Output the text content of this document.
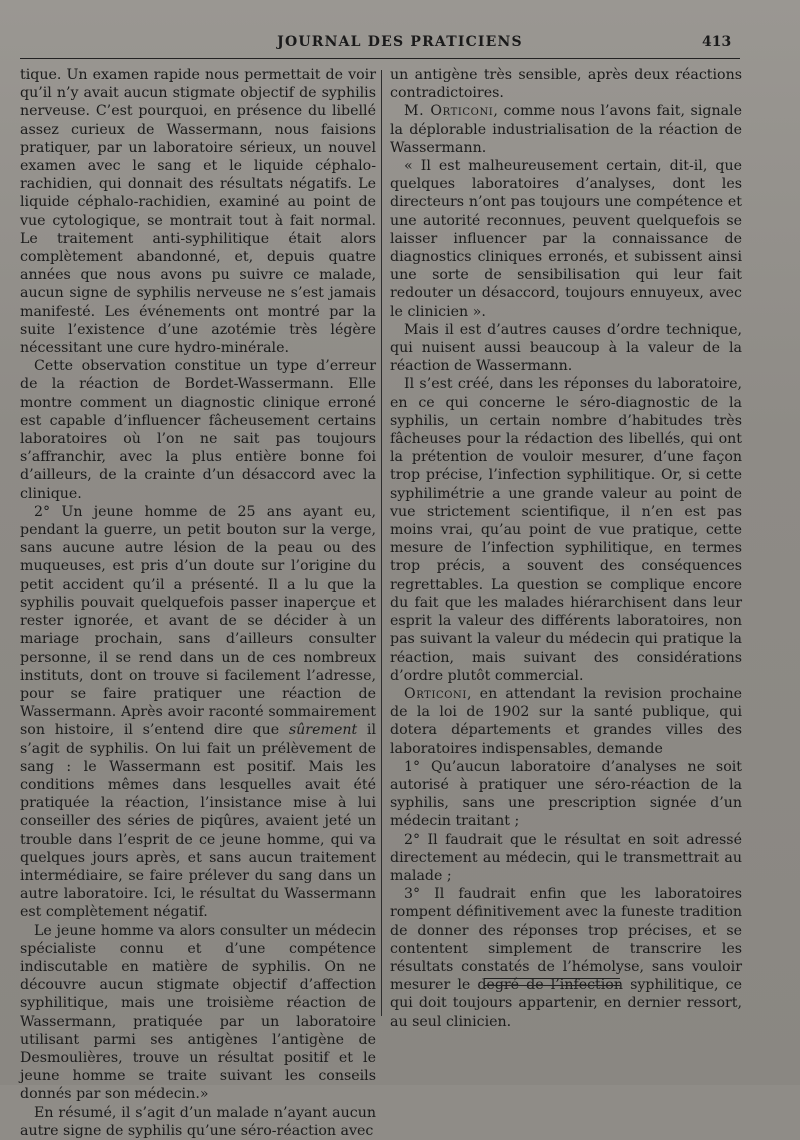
JOURNAL DES PRATICIENS	413

tique. Un examen rapide nous permettait de voir qu’il n’y avait aucun stigmate objectif de syphilis nerveuse. C’est pourquoi, en présence du libellé assez curieux de Wassermann, nous faisions pratiquer, par un laboratoire sérieux, un nouvel examen avec le sang et le liquide céphalo-rachidien, qui donnait des résultats négatifs. Le liquide céphalo-rachidien, examiné au point de vue cytologique, se montrait tout à fait normal. Le traitement anti-syphilitique était alors complètement abandonné, et, depuis quatre années que nous avons pu suivre ce malade, aucun signe de syphilis nerveuse ne s’est jamais manifesté. Les événements ont montré par la suite l’existence d’une azotémie très légère nécessitant une cure hydro-minérale.

Cette observation constitue un type d’erreur de la réaction de Bordet-Wassermann. Elle montre comment un diagnostic clinique erroné est capable d’influencer fâcheusement certains laboratoires où l’on ne sait pas toujours s’affranchir, avec la plus entière bonne foi d’ailleurs, de la crainte d’un désaccord avec la clinique.

2° Un jeune homme de 25 ans ayant eu, pendant la guerre, un petit bouton sur la verge, sans aucune autre lésion de la peau ou des muqueuses, est pris d’un doute sur l’origine du petit accident qu’il a présenté. Il a lu que la syphilis pouvait quelquefois passer inaperçue et rester ignorée, et avant de se décider à un mariage prochain, sans d’ailleurs consulter personne, il se rend dans un de ces nombreux instituts, dont on trouve si facilement l’adresse, pour se faire pratiquer une réaction de Wassermann. Après avoir raconté sommairement son histoire, il s’entend dire que sûrement il s’agit de syphilis. On lui fait un prélèvement de sang : le Wassermann est positif. Mais les conditions mêmes dans lesquelles avait été pratiquée la réaction, l’insistance mise à lui conseiller des séries de piqûres, avaient jeté un trouble dans l’esprit de ce jeune homme, qui va quelques jours après, et sans aucun traitement intermédiaire, se faire prélever du sang dans un autre laboratoire. Ici, le résultat du Wassermann est complètement négatif.

Le jeune homme va alors consulter un médecin spécialiste connu et d’une compétence indiscutable en matière de syphilis. On ne découvre aucun stigmate objectif d’affection syphilitique, mais une troisième réaction de Wassermann, pratiquée par un laboratoire utilisant parmi ses antigènes l’antigène de Desmoulières, trouve un résultat positif et le jeune homme se traite suivant les conseils donnés par son médecin.»

En résumé, il s’agit d’un malade n’ayant aucun autre signe de syphilis qu’une séro-réaction avec

un antigène très sensible, après deux réactions contradictoires.

M. Orticoni, comme nous l’avons fait, signale la déplorable industrialisation de la réaction de Wassermann.

« Il est malheureusement certain, dit-il, que quelques laboratoires d’analyses, dont les directeurs n’ont pas toujours une compétence et une autorité reconnues, peuvent quelquefois se laisser influencer par la connaissance de diagnostics cliniques erronés, et subissent ainsi une sorte de sensibilisation qui leur fait redouter un désaccord, toujours ennuyeux, avec le clinicien ».

Mais il est d’autres causes d’ordre technique, qui nuisent aussi beaucoup à la valeur de la réaction de Wassermann.

Il s’est créé, dans les réponses du laboratoire, en ce qui concerne le séro-diagnostic de la syphilis, un certain nombre d’habitudes très fâcheuses pour la rédaction des libellés, qui ont la prétention de vouloir mesurer, d’une façon trop précise, l’infection syphilitique. Or, si cette syphilimétrie a une grande valeur au point de vue strictement scientifique, il n’en est pas moins vrai, qu’au point de vue pratique, cette mesure de l’infection syphilitique, en termes trop précis, a souvent des conséquences regrettables. La question se complique encore du fait que les malades hiérarchisent dans leur esprit la valeur des différents laboratoires, non pas suivant la valeur du médecin qui pratique la réaction, mais suivant des considérations d’ordre plutôt commercial.

Orticoni, en attendant la revision prochaine de la loi de 1902 sur la santé publique, qui dotera départements et grandes villes des laboratoires indispensables, demande

1° Qu’aucun laboratoire d’analyses ne soit autorisé à pratiquer une séro-réaction de la syphilis, sans une prescription signée d’un médecin traitant ;

2° Il faudrait que le résultat en soit adressé directement au médecin, qui le transmettrait au malade ;

3° Il faudrait enfin que les laboratoires rompent définitivement avec la funeste tradition de donner des réponses trop précises, et se contentent simplement de transcrire les résultats constatés de l’hémolyse, sans vouloir mesurer le degré de l’infection syphilitique, ce qui doit toujours appartenir, en dernier ressort, au seul clinicien.
